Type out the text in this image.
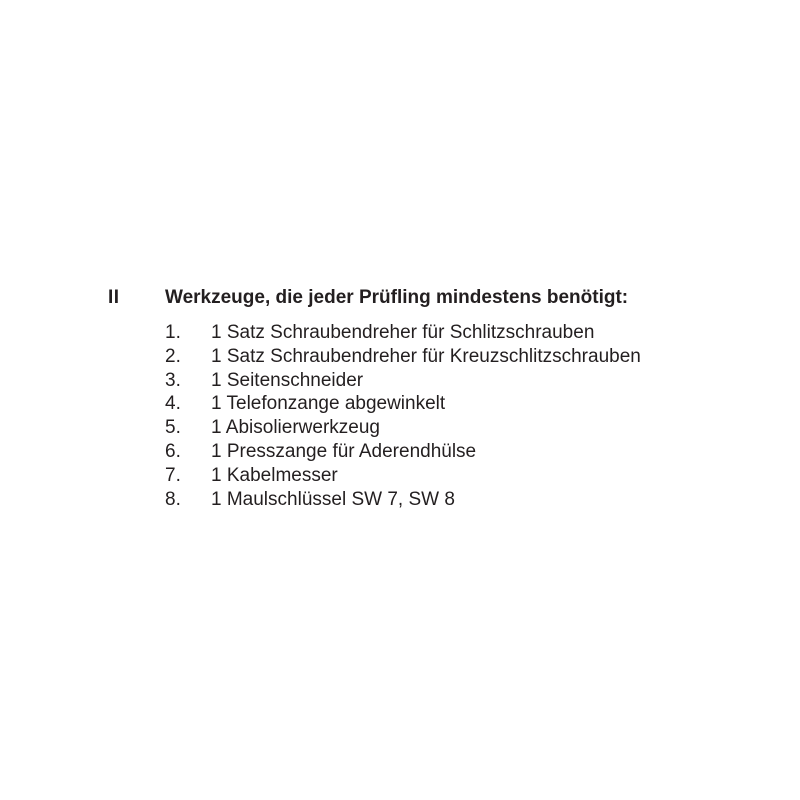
II Werkzeuge, die jeder Prüfling mindestens benötigt:
1.	1 Satz Schraubendreher für Schlitzschrauben
2.	1 Satz Schraubendreher für Kreuzschlitzschrauben
3.	1 Seitenschneider
4.	1 Telefonzange abgewinkelt
5.	1 Abisolierwerkzeug
6.	1 Presszange für Aderendhülse
7.	1 Kabelmesser
8.	1 Maulschlüssel SW 7, SW 8
